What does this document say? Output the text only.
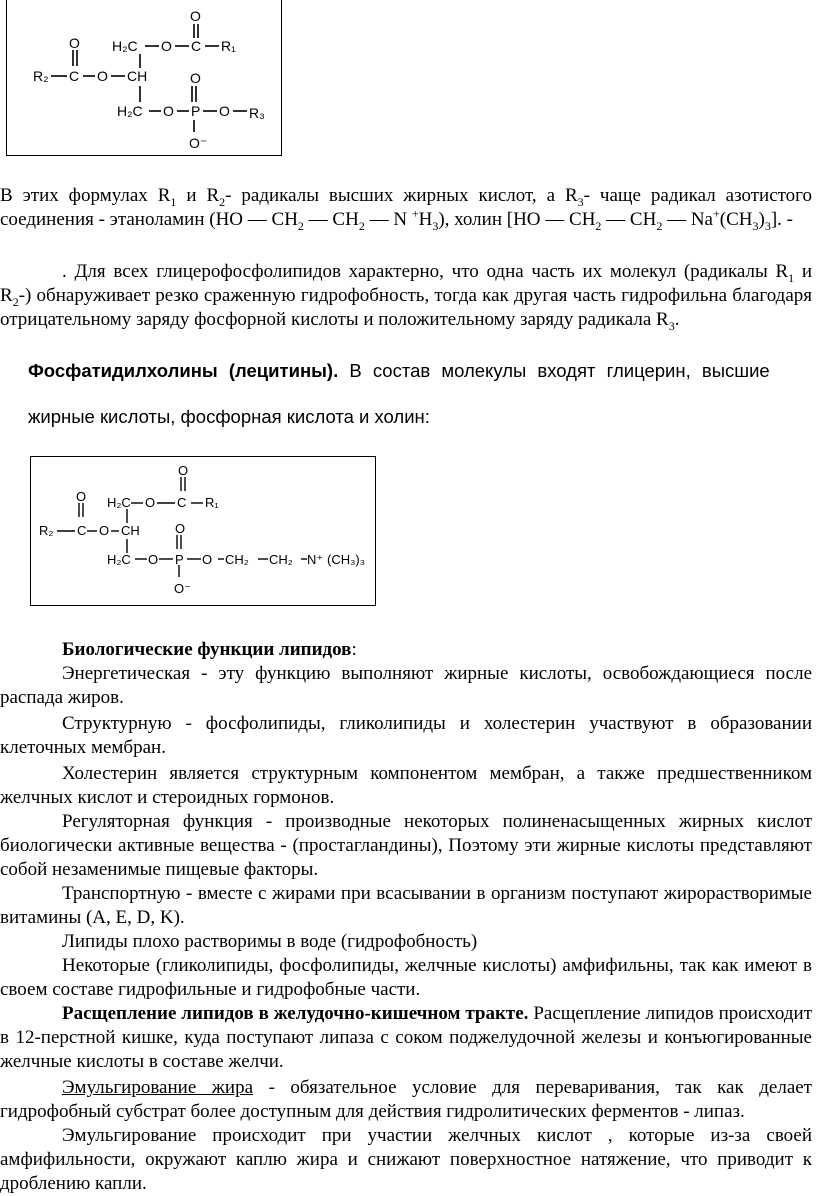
O
H₂C O C R₁
O
R₂ C O CH
H₂C O P
O
O R₃
O⁻

В этих формулах $R_1$ и $R_2-$ радикалы высших жирных кислот, а $R_3-$ чаще радикал азотистого соединения - этаноламин (HO — $CH_2$ — $CH_2$ — N $^+H_3$), холин [HO — $CH_2$ — $CH_2$ — $Na^+(CH_3)_3$]. -

. Для всех глицерофосфолипидов характерно, что одна часть их молекул (радикалы $R_1$ и $R_2-$) обнаруживает резко сраженную гидрофобность, тогда как другая часть гидрофильна благодаря отрицательному заряду фосфорной кислоты и положительному заряду радикала $R_3$.

Фосфатидилхолины (лецитины). В состав молекулы входят глицерин, высшие
жирные кислоты, фосфорная кислота и холин:
O
H₂C O C R₁
O
R₂ C O CH
H₂C O P
O
O CH₂ CH₂ N⁺ (CH₃)₃
O⁻

Биологические функции липидов:

Энергетическая - эту функцию выполняют жирные кислоты, освобождающиеся после распада жиров.

Структурную - фосфолипиды, гликолипиды и холестерин участвуют в образовании клеточных мембран.

Холестерин является структурным компонентом мембран, а также предшественником желчных кислот и стероидных гормонов.

Регуляторная функция - производные некоторых полиненасыщенных жирных кислот биологически активные вещества - (простагландины), Поэтому эти жирные кислоты представляют собой незаменимые пищевые факторы.

Транспортную - вместе с жирами при всасывании в организм поступают жирорастворимые витамины (A, E, D, K).

Липиды плохо растворимы в воде (гидрофобность)

Некоторые (гликолипиды, фосфолипиды, желчные кислоты) амфифильны, так как имеют в своем составе гидрофильные и гидрофобные части.

Расщепление липидов в желудочно-кишечном тракте. Расщепление липидов происходит в 12-перстной кишке, куда поступают липаза с соком поджелудочной железы и конъюгированные желчные кислоты в составе желчи.

Эмульгирование жира - обязательное условие для переваривания, так как делает гидрофобный субстрат более доступным для действия гидролитических ферментов - липаз.

Эмульгирование происходит при участии желчных кислот , которые из-за своей амфифильности, окружают каплю жира и снижают поверхностное натяжение, что приводит к дроблению капли.
